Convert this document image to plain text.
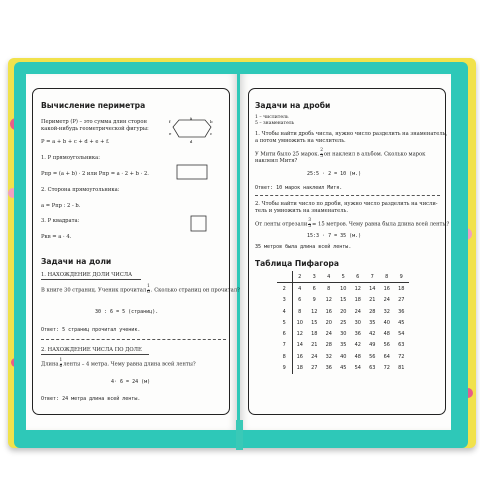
Вычисление периметра
Периметр (P) – это сумма длин сторон
какой-нибудь геометрической фигуры:
a
b
c
d
e
f
P = a + b + c + d + e + f.
1. P прямоугольника:
Pпр = (a + b) · 2 или Pпр = a · 2 + b · 2.
2. Сторона прямоугольника:
a = Pпр : 2 - b.
3. P квадрата:
Pкв = a · 4.
Задачи на доли
1. НАХОЖДЕНИЕ ДОЛИ ЧИСЛА
В книге 30 страниц. Ученик прочитал $\frac{1}{6}$ . Сколько страниц он прочитал?
30 : 6 = 5 (страниц).
Ответ: 5 страниц прочитал ученик.
2. НАХОЖДЕНИЕ ЧИСЛА ПО ДОЛЕ
Длина $\frac{1}{6}$ ленты – 4 метра. Чему равна длина всей ленты?
4· 6 = 24 (м)
Ответ: 24 метра длина всей ленты.
Задачи на дроби
1 – числитель
5 – знаменатель
1. Чтобы найти дробь числа, нужно число разделить на знаменатель,
а потом умножить на числитель.
У Мити было 25 марок. $\frac{2}{5}$ он наклеил в альбом. Сколько марок
наклеил Митя?
25:5 · 2 = 10 (м.)
Ответ: 10 марок наклеил Митя.
2. Чтобы найти число по дроби, нужно число разделить на числи-
тель и умножить на знаменатель.
От ленты отрезали $\frac{3}{5} = 15$ метров. Чему равна была длина всей ленты?
15:3 · 7 = 35 (м.)
35 метров была длина всей ленты.
Таблица Пифагора
	2	3	4	5	6	7	8	9
2	4	6	8	10	12	14	16	18
3	6	9	12	15	18	21	24	27
4	8	12	16	20	24	28	32	36
5	10	15	20	25	30	35	40	45
6	12	18	24	30	36	42	48	54
7	14	21	28	35	42	49	56	63
8	16	24	32	40	48	56	64	72
9	18	27	36	45	54	63	72	81
